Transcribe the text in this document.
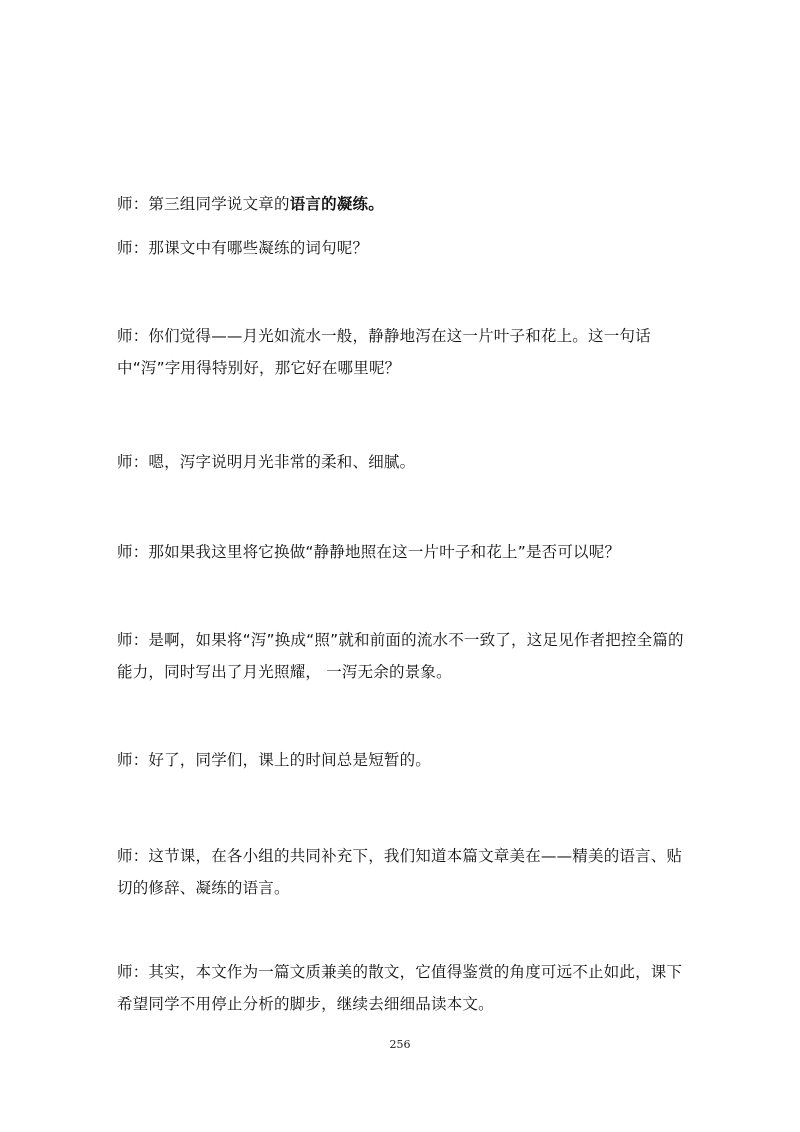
师：第三组同学说文章的语言的凝练。

师：那课文中有哪些凝练的词句呢？

师：你们觉得——月光如流水一般，静静地泻在这一片叶子和花上。这一句话中“泻”字用得特别好，那它好在哪里呢？

师：嗯，泻字说明月光非常的柔和、细腻。

师：那如果我这里将它换做“静静地照在这一片叶子和花上”是否可以呢？

师：是啊，如果将“泻”换成“照”就和前面的流水不一致了，这足见作者把控全篇的能力，同时写出了月光照耀， 一泻无余的景象。

师：好了，同学们，课上的时间总是短暂的。

师：这节课，在各小组的共同补充下，我们知道本篇文章美在——精美的语言、贴切的修辞、凝练的语言。

师：其实，本文作为一篇文质兼美的散文，它值得鉴赏的角度可远不止如此，课下希望同学不用停止分析的脚步，继续去细细品读本文。

256
